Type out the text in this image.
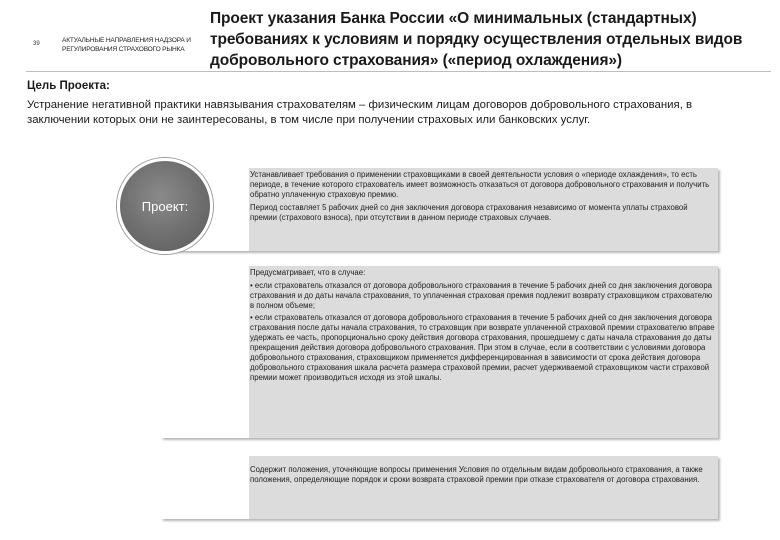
39	АКТУАЛЬНЫЕ НАПРАВЛЕНИЯ НАДЗОРА И
РЕГУЛИРОВАНИЯ СТРАХОВОГО РЫНКА
Проект указания Банка России «О минимальных (стандартных)
требованиях к условиям и порядку осуществления отдельных видов
добровольного страхования» («период охлаждения»)
Цель Проекта:
Устранение негативной практики навязывания страхователям – физическим лицам договоров добровольного страхования, в заключении которых они не заинтересованы, в том числе при получении страховых или банковских услуг.

Устанавливает требования о применении страховщиками в своей деятельности условия о «периоде охлаждения», то есть периоде, в течение которого страхователь имеет возможность отказаться от договора добровольного страхования и получить обратно уплаченную страховую премию.

Период составляет 5 рабочих дней со дня заключения договора страхования независимо от момента уплаты страховой премии (страхового взноса), при отсутствии в данном периоде страховых случаев.

Предусматривает, что в случае:

• если страхователь отказался от договора добровольного страхования в течение 5 рабочих дней со дня заключения договора страхования и до даты начала страхования, то уплаченная страховая премия подлежит возврату страховщиком страхователю в полном объеме;

• если страхователь отказался от договора добровольного страхования в течение 5 рабочих дней со дня заключения договора страхования после даты начала страхования, то страховщик при возврате уплаченной страховой премии страхователю вправе удержать ее часть, пропорционально сроку действия договора страхования, прошедшему с даты начала страхования до даты прекращения действия договора добровольного страхования. При этом в случае, если в соответствии с условиями договора добровольного страхования, страховщиком применяется дифференцированная в зависимости от срока действия договора добровольного страхования шкала расчета размера страховой премии, расчет удерживаемой страховщиком части страховой премии может производиться исходя из этой шкалы.

Содержит положения, уточняющие вопросы применения Условия по отдельным видам добровольного страхования, а также положения, определяющие порядок и сроки возврата страховой премии при отказе страхователя от договора страхования.

Проект:
